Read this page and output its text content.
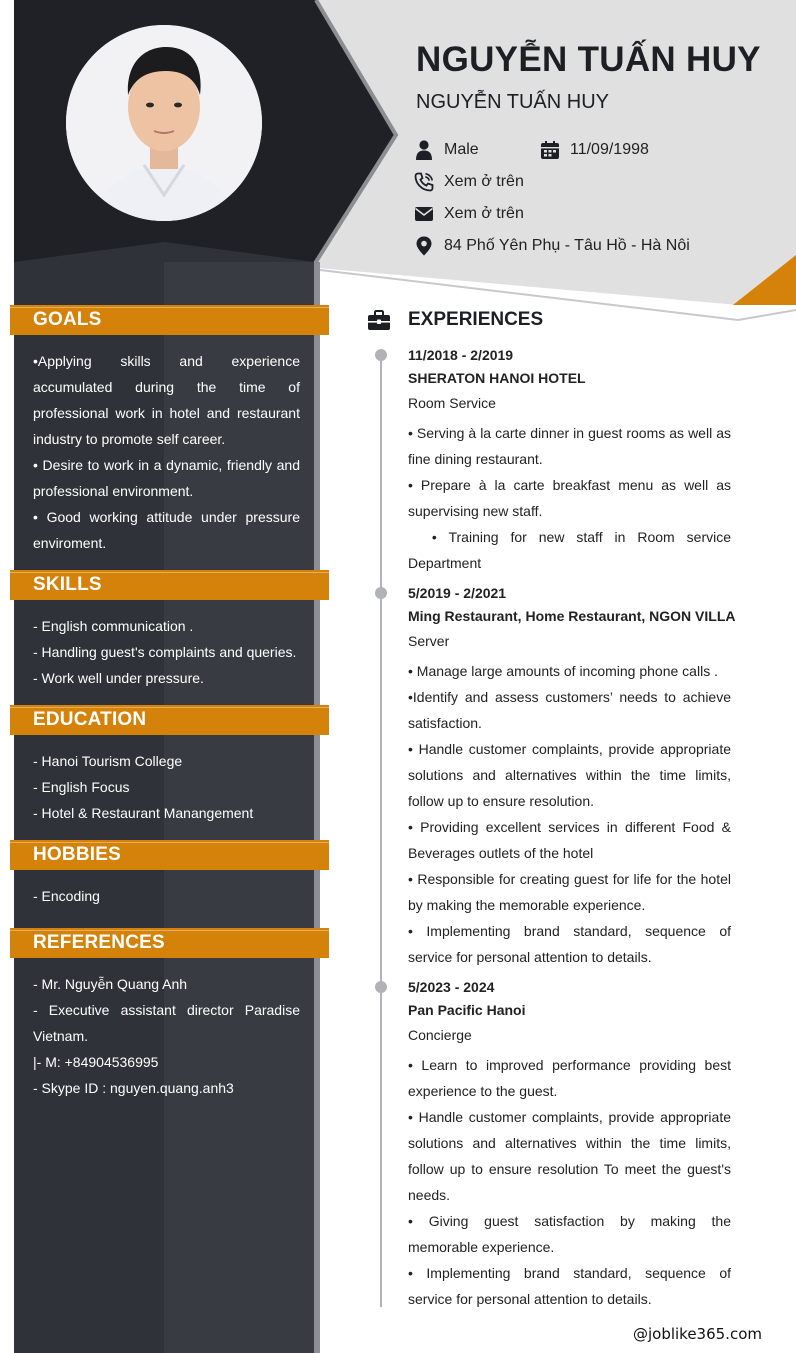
NGUYỄN TUẤN HUY
NGUYỄN TUẤN HUY
Male	11/09/1998
Xem ở trên
Xem ở trên
84 Phố Yên Phụ - Tâu Hồ - Hà Nôi
GOALS

•Applying skills and experience accumulated during the time of professional work in hotel and restaurant industry to promote self career.

• Desire to work in a dynamic, friendly and professional environment.

• Good working attitude under pressure enviroment.

SKILLS

- English communication .

- Handling guest's complaints and queries.

- Work well under pressure.

EDUCATION

- Hanoi Tourism College

- English Focus

- Hotel & Restaurant Manangement

HOBBIES

- Encoding

REFERENCES

- Mr. Nguyễn Quang Anh

- Executive assistant director Paradise Vietnam.

|- M: +84904536995

- Skype ID : nguyen.quang.anh3

EXPERIENCES
11/2018 - 2/2019
SHERATON HANOI HOTEL
Room Service

• Serving à la carte dinner in guest rooms as well as fine dining restaurant.

• Prepare à la carte breakfast menu as well as supervising new staff.

• Training for new staff in Room service Department

5/2019 - 2/2021
Ming Restaurant, Home Restaurant, NGON VILLA
Server

• Manage large amounts of incoming phone calls .

•Identify and assess customers’ needs to achieve satisfaction.

• Handle customer complaints, provide appropriate solutions and alternatives within the time limits, follow up to ensure resolution.

• Providing excellent services in different Food & Beverages outlets of the hotel

• Responsible for creating guest for life for the hotel by making the memorable experience.

• Implementing brand standard, sequence of service for personal attention to details.

5/2023 - 2024
Pan Pacific Hanoi
Concierge

• Learn to improved performance providing best experience to the guest.

• Handle customer complaints, provide appropriate solutions and alternatives within the time limits, follow up to ensure resolution To meet the guest's needs.

• Giving guest satisfaction by making the memorable experience.

• Implementing brand standard, sequence of service for personal attention to details.

@joblike365.com
